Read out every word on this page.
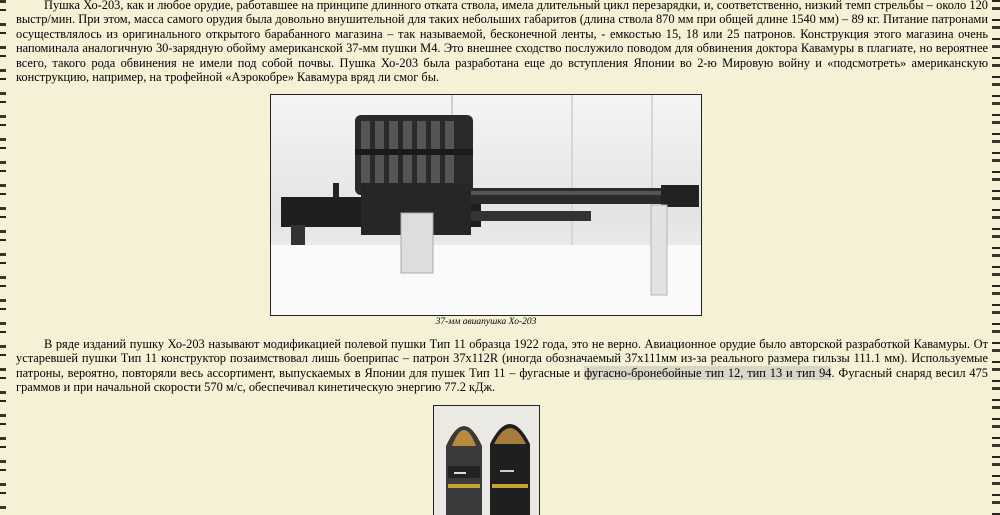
Пушка Хо-203, как и любое орудие, работавшее на принципе длинного отката ствола, имела длительный цикл перезарядки, и, соответственно, низкий темп стрельбы – около 120 выстр/мин. При этом, масса самого орудия была довольно внушительной для таких небольших габаритов (длина ствола 870 мм при общей длине 1540 мм) – 89 кг. Питание патронами осуществлялось из оригинального открытого барабанного магазина – так называемой, бесконечной ленты, - емкостью 15, 18 или 25 патронов. Конструкция этого магазина очень напоминала аналогичную 30-зарядную обойму американской 37-мм пушки М4. Это внешнее сходство послужило поводом для обвинения доктора Кавамуры в плагиате, но вероятнее всего, такого рода обвинения не имели под собой почвы. Пушка Хо-203 была разработана еще до вступления Японии во 2-ю Мировую войну и «подсмотреть» американскую конструкцию, например, на трофейной «Аэрокобре» Кавамура вряд ли смог бы.

В ряде изданий пушку Хо-203 называют модификацией полевой пушки Тип 11 образца 1922 года, это не верно. Авиационное орудие было авторской разработкой Кавамуры. От устаревшей пушки Тип 11 конструктор позаимствовал лишь боеприпас – патрон 37x112R (иногда обозначаемый 37x111мм из-за реального размера гильзы 111.1 мм). Используемые патроны, вероятно, повторяли весь ассортимент, выпускаемых в Японии для пушек Тип 11 – фугасные и фугасно-бронебойные тип 12, тип 13 и тип 94. Фугасный снаряд весил 475 граммов и при начальной скорости 570 м/с, обеспечивал кинетическую энергию 77.2 кДж.

37-мм авиапушка Хо-203
